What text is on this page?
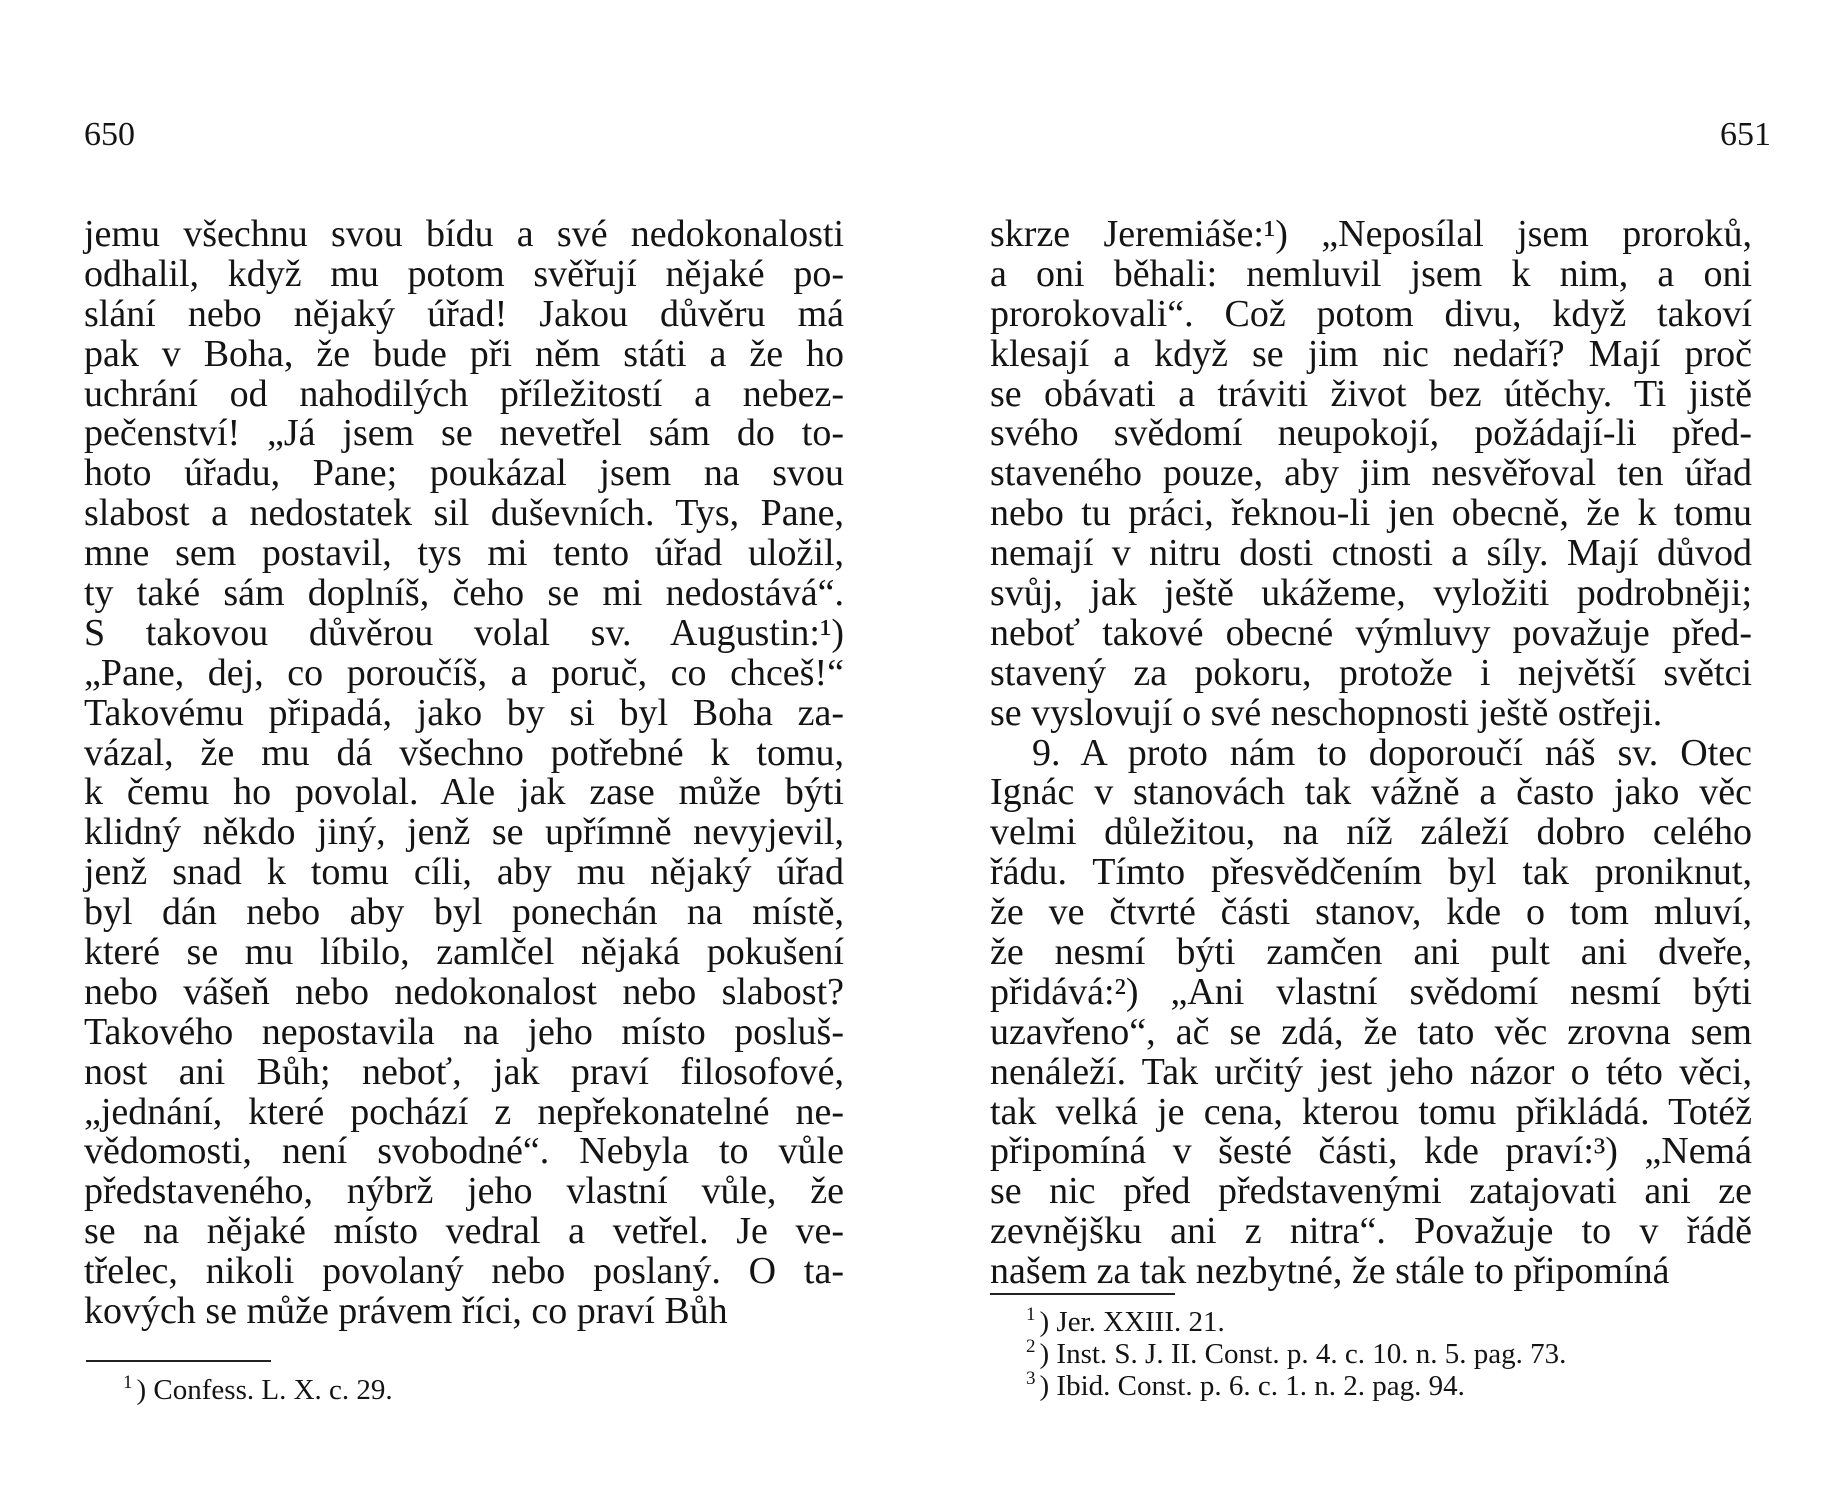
650	651
jemu všechnu svou bídu a své nedokonalosti
odhalil, když mu potom svěřují nějaké po-
slání nebo nějaký úřad! Jakou důvěru má
pak v Boha, že bude při něm státi a že ho
uchrání od nahodilých příležitostí a nebez-
pečenství! „Já jsem se nevetřel sám do to-
hoto úřadu, Pane; poukázal jsem na svou
slabost a nedostatek sil duševních. Tys, Pane,
mne sem postavil, tys mi tento úřad uložil,
ty také sám doplníš, čeho se mi nedostává“.
S takovou důvěrou volal sv. Augustin:¹)
„Pane, dej, co poroučíš, a poruč, co chceš!“
Takovému připadá, jako by si byl Boha za-
vázal, že mu dá všechno potřebné k tomu,
k čemu ho povolal. Ale jak zase může býti
klidný někdo jiný, jenž se upřímně nevyjevil,
jenž snad k tomu cíli, aby mu nějaký úřad
byl dán nebo aby byl ponechán na místě,
které se mu líbilo, zamlčel nějaká pokušení
nebo vášeň nebo nedokonalost nebo slabost?
Takového nepostavila na jeho místo posluš-
nost ani Bůh; neboť, jak praví filosofové,
„jednání, které pochází z nepřekonatelné ne-
vědomosti, není svobodné“. Nebyla to vůle
představeného, nýbrž jeho vlastní vůle, že
se na nějaké místo vedral a vetřel. Je ve-
třelec, nikoli povolaný nebo poslaný. O ta-
kových se může právem říci, co praví Bůh
skrze Jeremiáše:¹) „Neposílal jsem proroků,
a oni běhali: nemluvil jsem k nim, a oni
prorokovali“. Což potom divu, když takoví
klesají a když se jim nic nedaří? Mají proč
se obávati a tráviti život bez útěchy. Ti jistě
svého svědomí neupokojí, požádají-li před-
staveného pouze, aby jim nesvěřoval ten úřad
nebo tu práci, řeknou-li jen obecně, že k tomu
nemají v nitru dosti ctnosti a síly. Mají důvod
svůj, jak ještě ukážeme, vyložiti podrobněji;
neboť takové obecné výmluvy považuje před-
stavený za pokoru, protože i největší světci
se vyslovují o své neschopnosti ještě ostřeji.
9. A proto nám to doporoučí náš sv. Otec
Ignác v stanovách tak vážně a často jako věc
velmi důležitou, na níž záleží dobro celého
řádu. Tímto přesvědčením byl tak proniknut,
že ve čtvrté části stanov, kde o tom mluví,
že nesmí býti zamčen ani pult ani dveře,
přidává:²) „Ani vlastní svědomí nesmí býti
uzavřeno“, ač se zdá, že tato věc zrovna sem
nenáleží. Tak určitý jest jeho názor o této věci,
tak velká je cena, kterou tomu přikládá. Totéž
připomíná v šesté části, kde praví:³) „Nemá
se nic před představenými zatajovati ani ze
zevnějšku ani z nitra“. Považuje to v řádě
našem za tak nezbytné, že stále to připomíná
$^1$ ) Confess. L. X. c. 29.
$^1$ ) Jer. XXIII. 21.
$^2$ ) Inst. S. J. II. Const. p. 4. c. 10. n. 5. pag. 73.
$^3$ ) Ibid. Const. p. 6. c. 1. n. 2. pag. 94.
